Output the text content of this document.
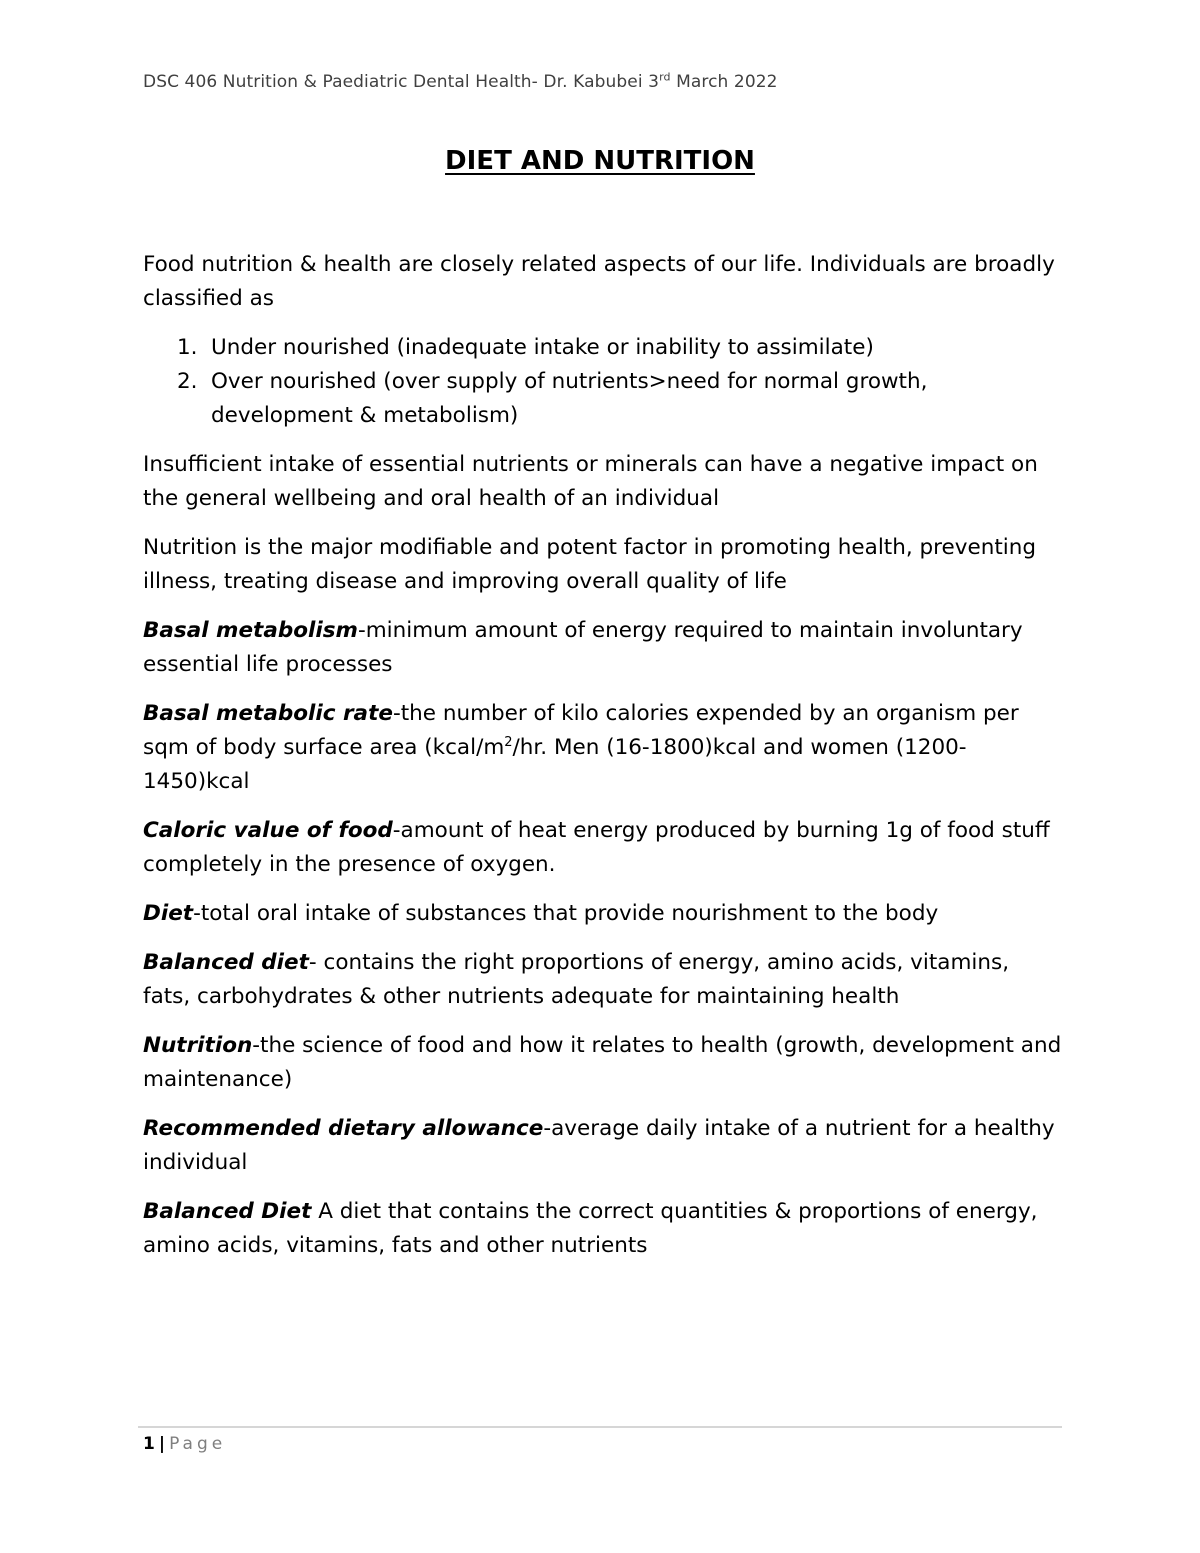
DSC 406 Nutrition & Paediatric Dental Health- Dr. Kabubei 3rd March 2022
DIET AND NUTRITION

Food nutrition & health are closely related aspects of our life. Individuals are broadly classified as

1. Under nourished (inadequate intake or inability to assimilate)
2. Over nourished (over supply of nutrients>need for normal growth, development & metabolism)

Insufficient intake of essential nutrients or minerals can have a negative impact on the general wellbeing and oral health of an individual

Nutrition is the major modifiable and potent factor in promoting health, preventing illness, treating disease and improving overall quality of life

Basal metabolism-minimum amount of energy required to maintain involuntary essential life processes

Basal metabolic rate-the number of kilo calories expended by an organism per sqm of body surface area ($kcal/m^2/hr$. Men (16-1800)kcal and women (1200-1450)kcal

Caloric value of food-amount of heat energy produced by burning 1g of food stuff completely in the presence of oxygen.

Diet-total oral intake of substances that provide nourishment to the body

Balanced diet- contains the right proportions of energy, amino acids, vitamins, fats, carbohydrates & other nutrients adequate for maintaining health

Nutrition-the science of food and how it relates to health (growth, development and maintenance)

Recommended dietary allowance-average daily intake of a nutrient for a healthy individual

Balanced Diet A diet that contains the correct quantities & proportions of energy, amino acids, vitamins, fats and other nutrients

1 | Page
